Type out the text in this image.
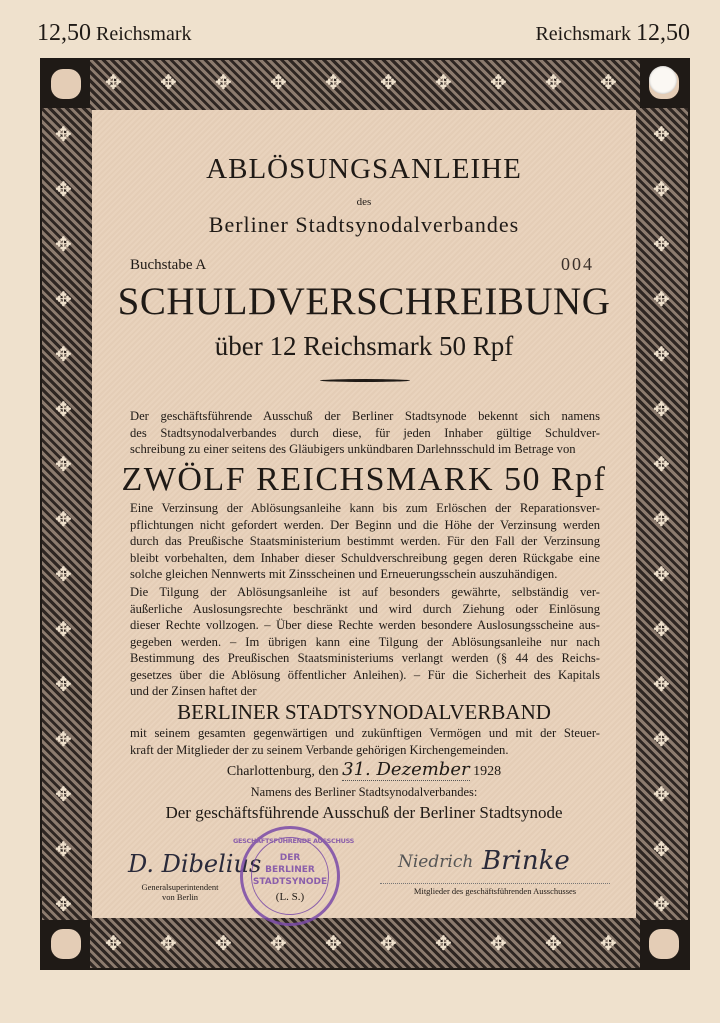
12,50 Reichsmark	Reichsmark 12,50
✥
✥
✥
✥
✥
✥
✥
✥
✥
✥
✥
✥
✥
✥
✥
✥
✥
✥
✥
✥
✥	✥
✥	✥
✥	✥
✥	✥
✥	✥
✥	✥
✥	✥
✥	✥
✥	✥
✥	✥
✥	✥
✥	✥
✥	✥
✥	✥
✥	✥
ABLÖSUNGSANLEIHE
des
Berliner Stadtsynodalverbandes
Buchstabe A	004
SCHULDVERSCHREIBUNG
über 12 Reichsmark 50 Rpf
Der geschäftsführende Ausschuß der Berliner Stadtsynode bekennt sich namens
des Stadtsynodalverbandes durch diese, für jeden Inhaber gültige Schuldver-
schreibung zu einer seitens des Gläubigers unkündbaren Darlehnsschuld im Betrage von
ZWÖLF REICHSMARK 50 Rpf
Eine Verzinsung der Ablösungsanleihe kann bis zum Erlöschen der Reparationsver-
pflichtungen nicht gefordert werden. Der Beginn und die Höhe der Verzinsung werden
durch das Preußische Staatsministerium bestimmt werden. Für den Fall der Verzinsung
bleibt vorbehalten, dem Inhaber dieser Schuldverschreibung gegen deren Rückgabe eine
solche gleichen Nennwerts mit Zinsscheinen und Erneuerungsschein auszuhändigen.
Die Tilgung der Ablösungsanleihe ist auf besonders gewährte, selbständig ver-
äußerliche Auslosungsrechte beschränkt und wird durch Ziehung oder Einlösung
dieser Rechte vollzogen. – Über diese Rechte werden besondere Auslosungsscheine aus-
gegeben werden. – Im übrigen kann eine Tilgung der Ablösungsanleihe nur nach
Bestimmung des Preußischen Staatsministeriums verlangt werden (§ 44 des Reichs-
gesetzes über die Ablösung öffentlicher Anleihen). – Für die Sicherheit des Kapitals
und der Zinsen haftet der
BERLINER STADTSYNODALVERBAND
mit seinem gesamten gegenwärtigen und zukünftigen Vermögen und mit der Steuer-
kraft der Mitglieder der zu seinem Verbande gehörigen Kirchengemeinden.
Charlottenburg, den 31. Dezember 1928
Namens des Berliner Stadtsynodalverbandes:
Der geschäftsführende Ausschuß der Berliner Stadtsynode
D. Dibelius
Generalsuperintendent
von Berlin
GESCHÄFTSFÜHRENDE AUSSCHUSS
DER
BERLINER
STADTSYNODE
(L. S.)
Niedrich Brinke
Mitglieder des geschäftsführenden Ausschusses
